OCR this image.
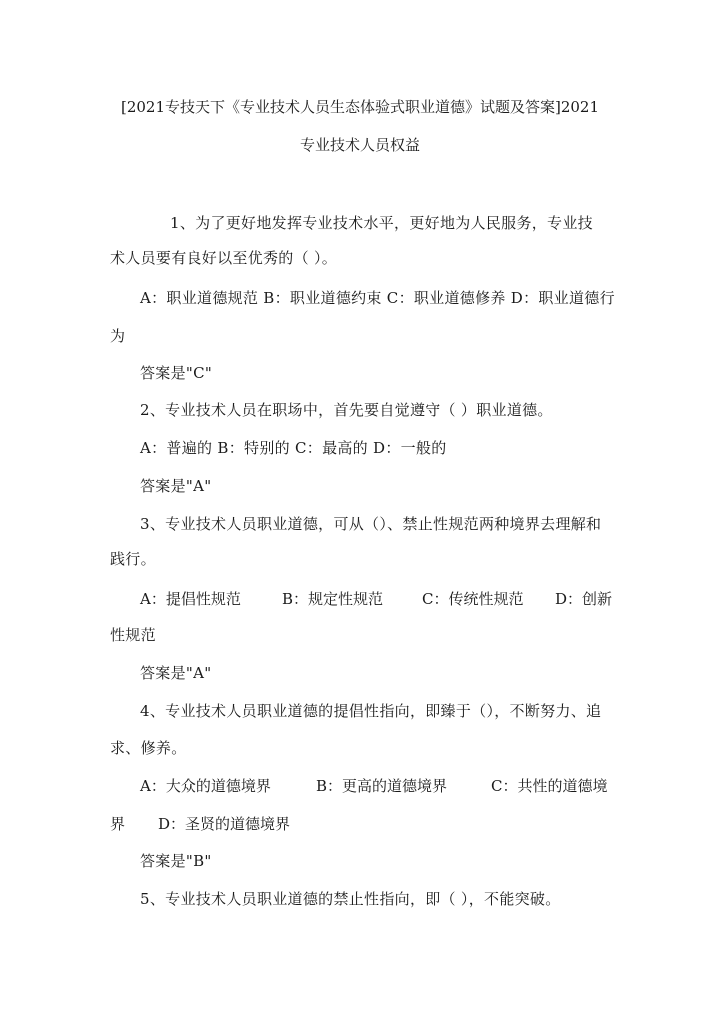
[2021专技天下《专业技术人员生态体验式职业道德》试题及答案]2021
专业技术人员权益
1、为了更好地发挥专业技术水平，更好地为人民服务，专业技
术人员要有良好以至优秀的（ ）。
A：职业道德规范 B：职业道德约束 C：职业道德修养 D：职业道德行
为
答案是"C"
2、专业技术人员在职场中，首先要自觉遵守（ ）职业道德。
A：普遍的 B：特别的 C：最高的 D：一般的
答案是"A"
3、专业技术人员职业道德，可从（）、禁止性规范两种境界去理解和
践行。
A：提倡性规范	B：规定性规范	C：传统性规范 D：创新
性规范
答案是"A"
4、专业技术人员职业道德的提倡性指向，即臻于（），不断努力、追
求、修养。
A：大众的道德境界	B：更高的道德境界	C：共性的道德境
界 D：圣贤的道德境界
答案是"B"
5、专业技术人员职业道德的禁止性指向，即（ ），不能突破。
